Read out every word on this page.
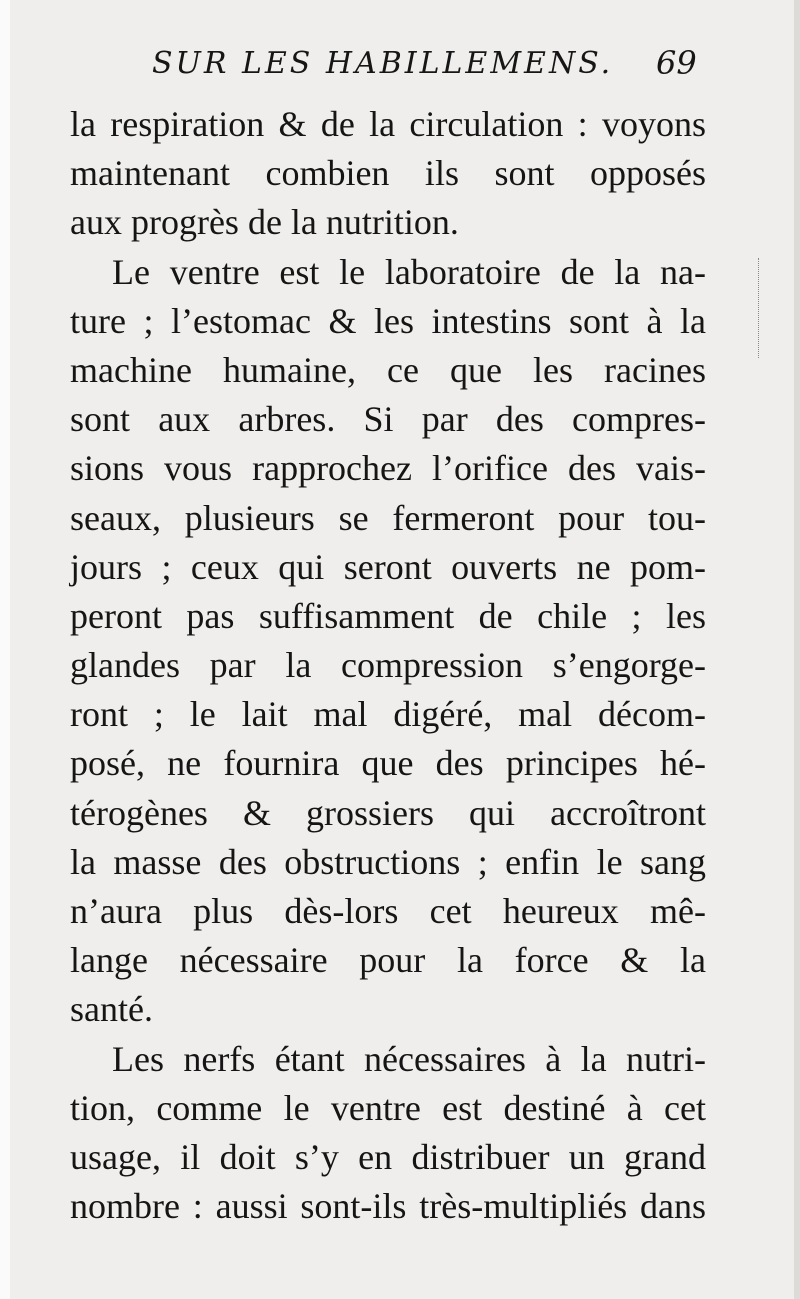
SUR LES HABILLEMENS. 69
la respiration & de la circulation : voyons
maintenant combien ils sont opposés
aux progrès de la nutrition.
Le ventre est le laboratoire de la na-
ture ; l’estomac & les intestins sont à la
machine humaine, ce que les racines
sont aux arbres. Si par des compres-
sions vous rapprochez l’orifice des vais-
seaux, plusieurs se fermeront pour tou-
jours ; ceux qui seront ouverts ne pom-
peront pas suffisamment de chile ; les
glandes par la compression s’engorge-
ront ; le lait mal digéré, mal décom-
posé, ne fournira que des principes hé-
térogènes & grossiers qui accroîtront
la masse des obstructions ; enfin le sang
n’aura plus dès-lors cet heureux mê-
lange nécessaire pour la force & la
santé.
Les nerfs étant nécessaires à la nutri-
tion, comme le ventre est destiné à cet
usage, il doit s’y en distribuer un grand
nombre : aussi sont-ils très-multipliés dans
